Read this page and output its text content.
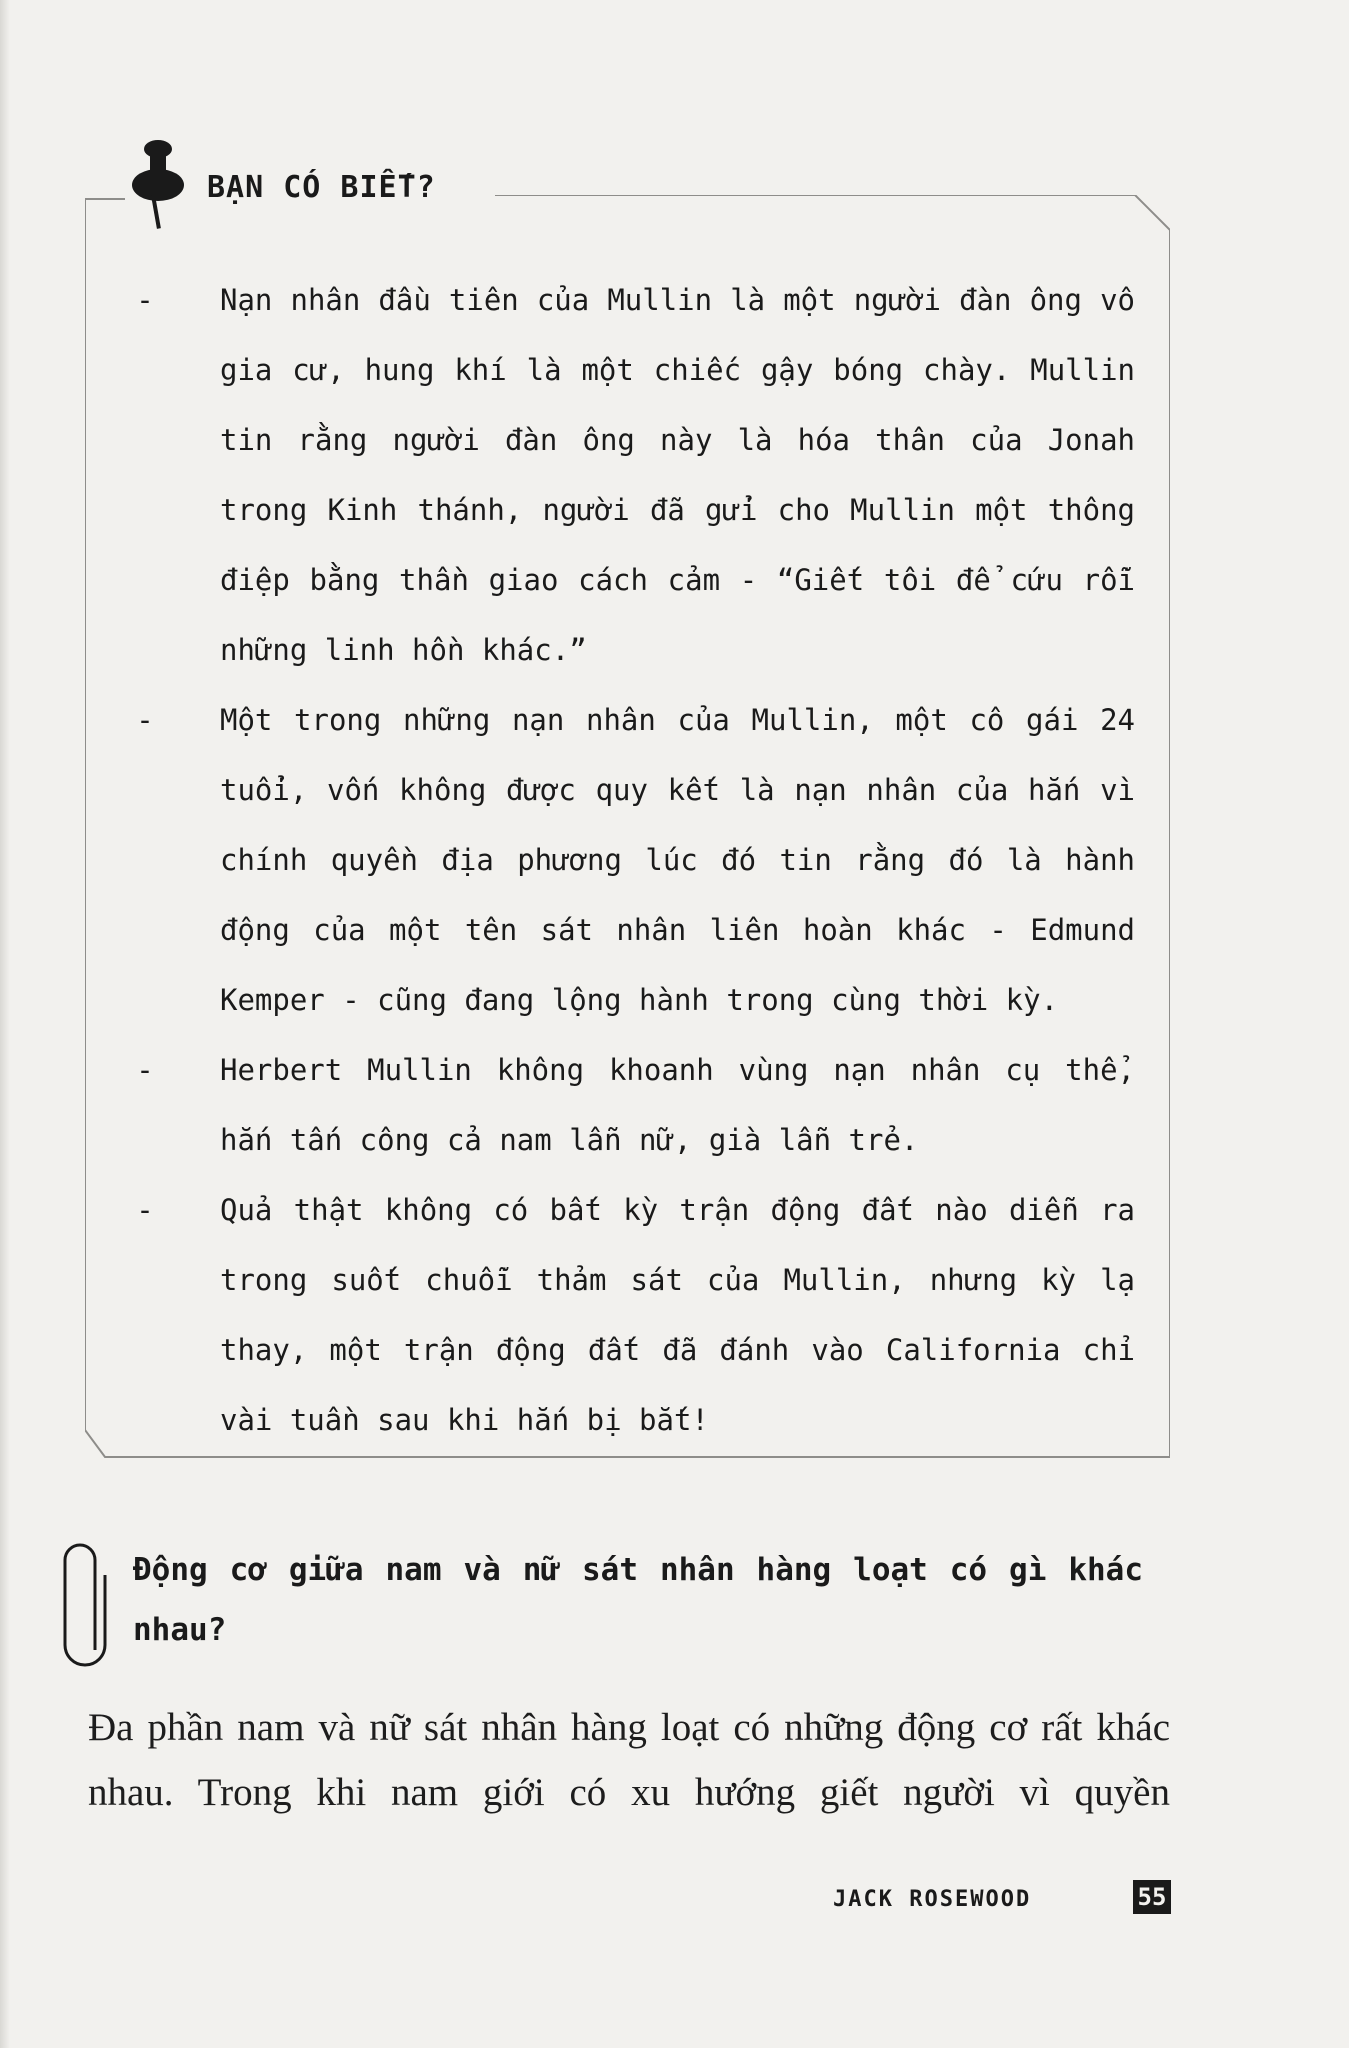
BẠN CÓ BIẾT?
-	Nạn nhân đầu tiên của Mullin là một người đàn ông vô gia cư, hung khí là một chiếc gậy bóng chày. Mullin tin rằng người đàn ông này là hóa thân của Jonah trong Kinh thánh, người đã gửi cho Mullin một thông điệp bằng thần giao cách cảm - “Giết tôi để cứu rỗi những linh hồn khác.”
-	Một trong những nạn nhân của Mullin, một cô gái 24 tuổi, vốn không được quy kết là nạn nhân của hắn vì chính quyền địa phương lúc đó tin rằng đó là hành động của một tên sát nhân liên hoàn khác - Edmund Kemper - cũng đang lộng hành trong cùng thời kỳ.
-	Herbert Mullin không khoanh vùng nạn nhân cụ thể, hắn tấn công cả nam lẫn nữ, già lẫn trẻ.
-	Quả thật không có bất kỳ trận động đất nào diễn ra trong suốt chuỗi thảm sát của Mullin, nhưng kỳ lạ thay, một trận động đất đã đánh vào California chỉ vài tuần sau khi hắn bị bắt!
Động cơ giữa nam và nữ sát nhân hàng loạt có gì khác nhau?

Đa phần nam và nữ sát nhân hàng loạt có những động cơ rất khác nhau. Trong khi nam giới có xu hướng giết người vì quyền

JACK ROSEWOOD	55
